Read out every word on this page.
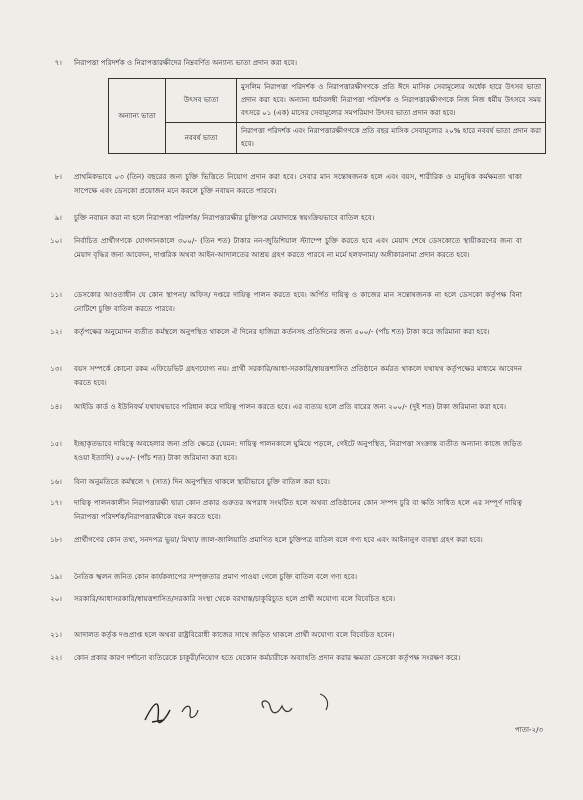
৭। নিরাপত্তা পরিদর্শক ও নিরাপত্তারক্ষীদের নিম্নবর্ণিত অন্যান্য ভাতা প্রদান করা হবে।
অন্যান্য ভাতা	উৎসব ভাতা	মুসলিম নিরাপত্তা পরিদর্শক ও নিরাপত্তারক্ষীগণকে প্রতি ঈদে মাসিক সেবামূল্যের অর্ধেক হারে উৎসব ভাতা প্রদান করা হবে। অন্যান্য ধর্মাবলম্বী নিরাপত্তা পরিদর্শক ও নিরাপত্তারক্ষীগণকে নিজ নিজ ধর্মীয় উৎসবে সময় বৎসরে ০১ (এক) মাসের সেবামূল্যের সমপরিমাণ উৎসব ভাতা প্রদান করা হবে।
	নববর্ষ ভাতা	নিরাপত্তা পরিদর্শক এবং নিরাপত্তারক্ষীগণকে প্রতি বছর মাসিক সেবামূল্যের ২০% হারে নববর্ষ ভাতা প্রদান করা হবে।
৮। প্রাথমিকভাবে ০৩ (তিন) বছরের জন্য চুক্তি ভিত্তিতে নিয়োগ প্রদান করা হবে। সেবার মান সন্তোষজনক হলে এবং বয়স, শারীরিক ও মানুষিক কর্মক্ষমতা থাকা সাপেক্ষে এবং ডেসকো প্রয়োজন মনে করলে চুক্তি নবায়ন করতে পারবে।
৯। চুক্তি নবায়ন করা না হলে নিরাপত্তা পরিদর্শক/ নিরাপত্তারক্ষীর চুক্তিপত্র মেয়াদান্তে স্বয়ংক্রিয়ভাবে বাতিল হবে।
১০। নির্বাচিত প্রার্থীগণকে যোগদানকালে ৩০০/- (তিন শত) টাকার নন-জুডিশিয়াল স্ট্যাম্পে চুক্তি করতে হবে এবং মেয়াদ শেষে ডেসকোতে স্থায়ীকরণের জন্য বা মেয়াদ বৃদ্ধির জন্য আবেদন, দাপ্তরিক অথবা আইন-আদালতের আশ্রয় গ্রহণ করতে পারবে না মর্মে হলফনামা/ অঙ্গীকারনামা প্রদান করতে হবে।
১১। ডেসকোর আওতাধীন যে কোন স্থাপনা/ অফিস/ দপ্তরে দায়িত্ব পালন করতে হবে। অর্পিত দায়িত্ব ও কাজের মান সন্তোষজনক না হলে ডেসকো কর্তৃপক্ষ বিনা নোটিশে চুক্তি বাতিল করতে পারবে।
১২। কর্তৃপক্ষের অনুমোদন ব্যতীত কর্মস্থলে অনুপস্থিত থাকলে ঐ দিনের হাজিরা কর্তনসহ প্রতিদিনের জন্য ৫০০/- (পাঁচ শত) টাকা করে জরিমানা করা হবে।
১৩। বয়স সম্পর্কে কোনো রকম এফিডেভিট গ্রহণযোগ্য নয়। প্রার্থী সরকারি/আধা-সরকারি/স্বায়ত্তশাসিত প্রতিষ্ঠানে কর্মরত থাকলে যথাযথ কর্তৃপক্ষের মাধ্যমে আবেদন করতে হবে।
১৪। আইডি কার্ড ও ইউনিফর্ম যথাযথভাবে পরিধান করে দায়িত্ব পালন করতে হবে। এর ব্যত্যয় হলে প্রতি বারের জন্য ২০০/- (দুই শত) টাকা জরিমানা করা হবে।
১৫। ইচ্ছাকৃতভাবে দায়িত্বে অবহেলার জন্য প্রতি ক্ষেত্রে (যেমন: দায়িত্ব পালনকালে ঘুমিয়ে পড়লে, গেইটে অনুপস্থিত, নিরাপত্তা সংক্রান্ত ব্যতীত অন্যান্য কাজে জড়িত হওয়া ইত্যাদি) ৫০০/- (পাঁচ শত) টাকা জরিমানা করা হবে।
১৬। বিনা অনুমতিতে কর্মস্থলে ৭ (সাত) দিন অনুপস্থিত থাকলে স্থায়ীভাবে চুক্তি বাতিল করা হবে।
১৭। দায়িত্ব পালনকালীন নিরাপত্তারক্ষী দ্বারা কোন প্রকার গুরুতর অপরাধ সংঘটিত হলে অথবা প্রতিষ্ঠানের কোন সম্পদ চুরি বা ক্ষতি সাধিত হলে এর সম্পূর্ণ দায়িত্ব নিরাপত্তা পরিদর্শক/নিরাপত্তারক্ষীকে বহন করতে হবে।
১৮। প্রার্থীগণের কোন তথ্য, সনদপত্র ভুয়া/ মিথ্যা/ জাল-জালিয়াতি প্রমাণিত হলে চুক্তিপত্র বাতিল বলে গণ্য হবে এবং আইনানুগ ব্যবস্থা গ্রহণ করা হবে।
১৯। নৈতিক স্খলন জনিত কোন কার্যকলাপের সম্পৃক্ততার প্রমাণ পাওয়া গেলে চুক্তি বাতিল বলে গণ্য হবে।
২০। সরকারি/আধাসরকারি/স্বায়ত্তশাসিত/সরকারি সংস্থা থেকে বরখাস্ত/চাকুরিচ্যুত হলে প্রার্থী অযোগ্য বলে বিবেচিত হবে।
২১। আদালত কর্তৃক দণ্ডপ্রাপ্ত হলে অথবা রাষ্ট্রবিরোধী কাজের সাথে জড়িত থাকলে প্রার্থী অযোগ্য বলে বিবেচিত হবেন।
২২। কোন প্রকার কারণ দর্শানো ব্যতিরেকে চাকুরী/নিয়োগ হতে যেকোন কর্মচারীকে অব্যাহতি প্রদান করার ক্ষমতা ডেসকো কর্তৃপক্ষ সংরক্ষণ করে।
পাতা-২/৩
